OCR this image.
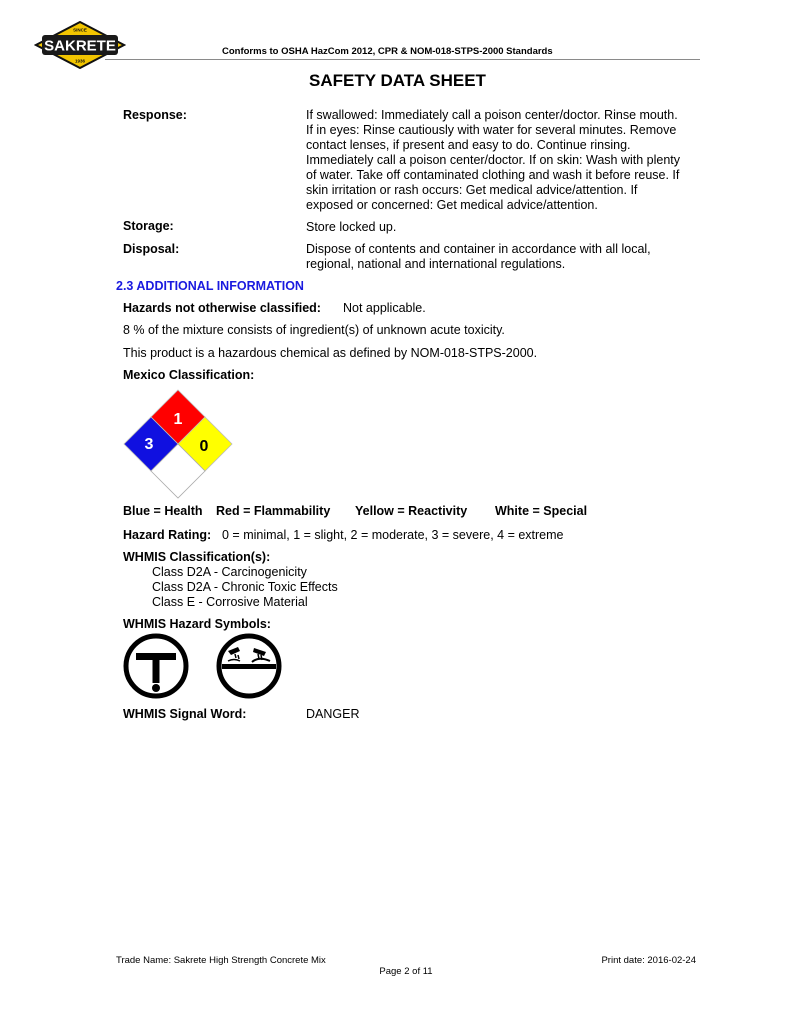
SINCE
SAKRETE
1936
Conforms to OSHA HazCom 2012, CPR & NOM-018-STPS-2000 Standards
SAFETY DATA SHEET
Response:	If swallowed: Immediately call a poison center/doctor. Rinse mouth.
If in eyes: Rinse cautiously with water for several minutes. Remove
contact lenses, if present and easy to do. Continue rinsing.
Immediately call a poison center/doctor. If on skin: Wash with plenty
of water. Take off contaminated clothing and wash it before reuse. If
skin irritation or rash occurs: Get medical advice/attention. If
exposed or concerned: Get medical advice/attention.
Storage:	Store locked up.
Disposal:	Dispose of contents and container in accordance with all local,
regional, national and international regulations.
2.3 ADDITIONAL INFORMATION
Hazards not otherwise classified: Not applicable.
8 % of the mixture consists of ingredient(s) of unknown acute toxicity.
This product is a hazardous chemical as defined by NOM-018-STPS-2000.
Mexico Classification:
1
3	0
Blue = Health Red = Flammability Yellow = Reactivity White = Special
Hazard Rating: 0 = minimal, 1 = slight, 2 = moderate, 3 = severe, 4 = extreme
WHMIS Classification(s):
Class D2A - Carcinogenicity
Class D2A - Chronic Toxic Effects
Class E - Corrosive Material
WHMIS Hazard Symbols:
WHMIS Signal Word:	DANGER
Trade Name: Sakrete High Strength Concrete Mix	Print date: 2016-02-24
Page 2 of 11
